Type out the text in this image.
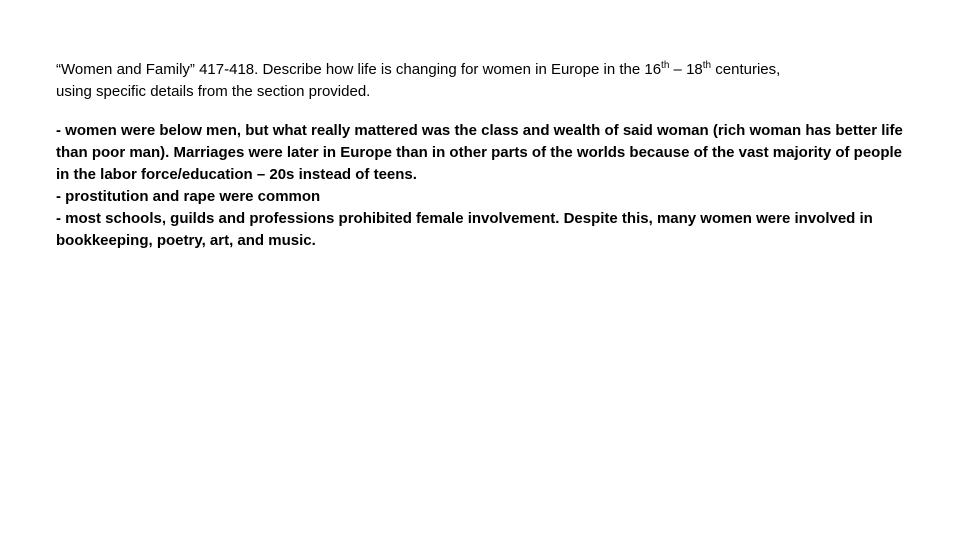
“Women and Family” 417-418. Describe how life is changing for women in Europe in the 16th – 18th centuries,
using specific details from the section provided.

- women were below men, but what really mattered was the class and wealth of said woman (rich woman has better life than poor man). Marriages were later in Europe than in other parts of the worlds because of the vast majority of people in the labor force/education – 20s instead of teens.
- prostitution and rape were common
- most schools, guilds and professions prohibited female involvement. Despite this, many women were involved in bookkeeping, poetry, art, and music.
